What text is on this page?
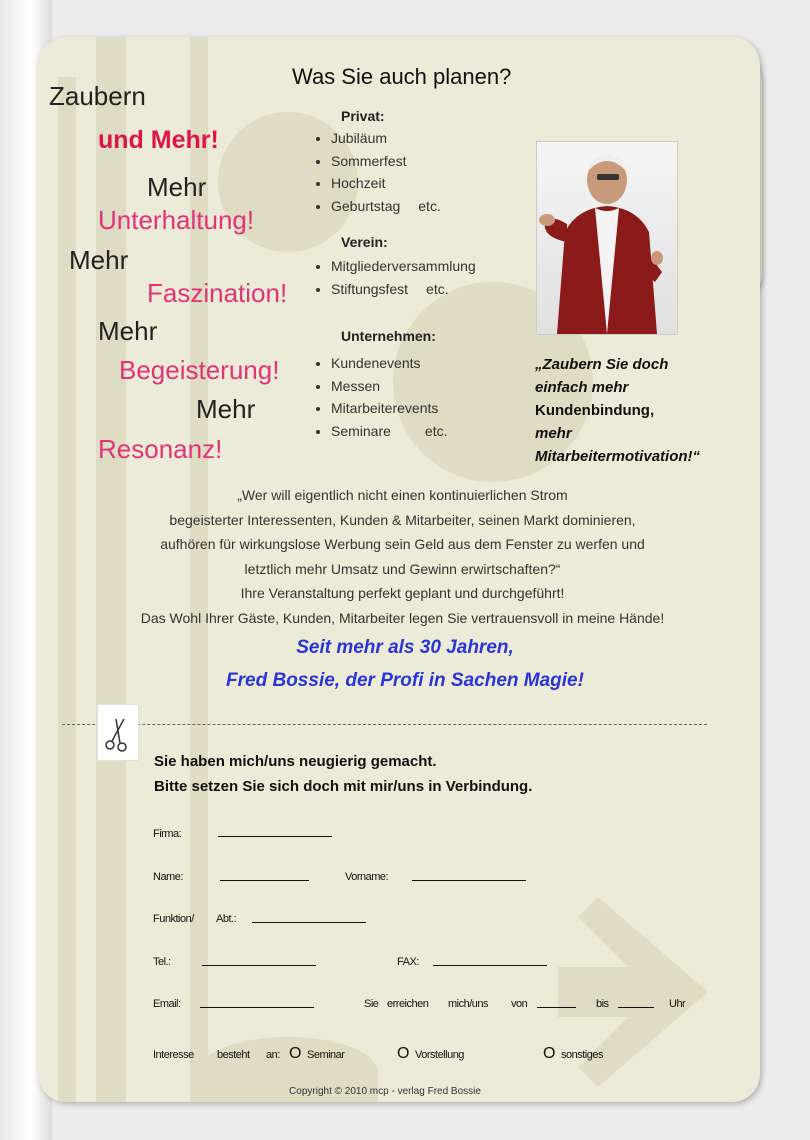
Zaubern
und Mehr!
Mehr
Unterhaltung!
Mehr
Faszination!
Mehr
Begeisterung!
Mehr
Resonanz!
Was Sie auch planen?
Privat:
• Jubiläum
• Sommerfest
• Hochzeit
• Geburtstag etc.
Verein:
• Mitgliederversammlung
• Stiftungsfest etc.
Unternehmen:
• Kundenevents
• Messen
• Mitarbeiterevents
• Seminare etc.
„Zaubern Sie doch
einfach mehr
Kundenbindung,
mehr
Mitarbeitermotivation!“
„Wer will eigentlich nicht einen kontinuierlichen Strom
begeisterter Interessenten, Kunden & Mitarbeiter, seinen Markt dominieren,
aufhören für wirkungslose Werbung sein Geld aus dem Fenster zu werfen und
letztlich mehr Umsatz und Gewinn erwirtschaften?“
Ihre Veranstaltung perfekt geplant und durchgeführt!
Das Wohl Ihrer Gäste, Kunden, Mitarbeiter legen Sie vertrauensvoll in meine Hände!
Seit mehr als 30 Jahren,
Fred Bossie, der Profi in Sachen Magie!
Sie haben mich/uns neugierig gemacht.
Bitte setzen Sie sich doch mit mir/uns in Verbindung.
Firma:
Name:	Vorname:
Funktion/ Abt.:
Tel.:	FAX:
Email:	Sie erreichen mich/uns von	bis	Uhr
Interesse besteht an: O Seminar	O Vorstellung	O sonstiges
Copyright © 2010 mcp - verlag Fred Bossie
